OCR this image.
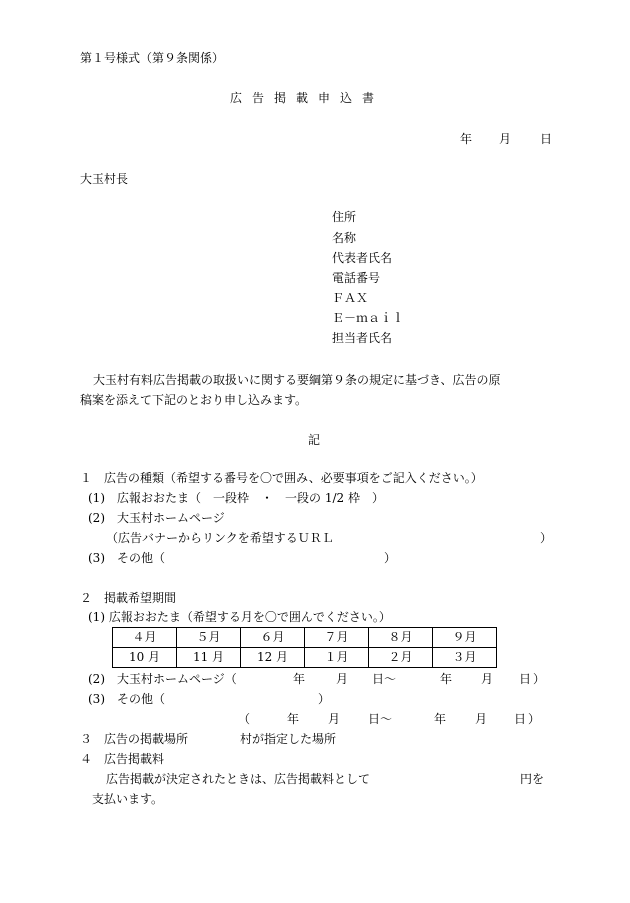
第１号様式（第９条関係）
広告掲載申込書
年 月 日
大玉村長
住所
名称
代表者氏名
電話番号
ＦＡＸ
Ｅ－ｍａｉｌ
担当者氏名
大玉村有料広告掲載の取扱いに関する要綱第９条の規定に基づき、広告の原
稿案を添えて下記のとおり申し込みます。
記
１　広告の種類（希望する番号を〇で囲み、必要事項をご記入ください。）
(1)　広報おおたま（　一段枠　・　一段の 1/2 枠　）
(2)　大玉村ホームページ
（広告バナーからリンクを希望するＵＲＬ	）
(3)　その他（	）
２　掲載希望期間
(1) 広報おおたま（希望する月を〇で囲んでください。）
４月	５月	６月	７月	８月	９月
10 月	11 月	12 月	１月	２月	３月
(2)　大玉村ホームページ（	年	月 日～	年 月 日 ）
(3)　その他（	）
（	年 月 日～	年 月 日 ）
３　広告の掲載場所	村が指定した場所
４　広告掲載料
広告掲載が決定されたときは、広告掲載料として	円を
支払います。
